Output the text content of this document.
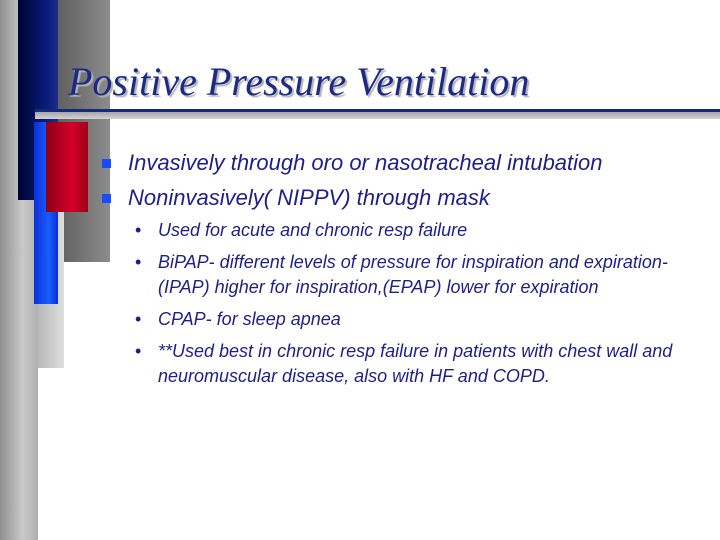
Positive Pressure Ventilation
Invasively through oro or nasotracheal intubation
Noninvasively( NIPPV) through mask
• Used for acute and chronic resp failure
• BiPAP- different levels of pressure for inspiration and expiration- (IPAP) higher for inspiration,(EPAP) lower for expiration
• CPAP- for sleep apnea
• **Used best in chronic resp failure in patients with chest wall and neuromuscular disease, also with HF and COPD.
